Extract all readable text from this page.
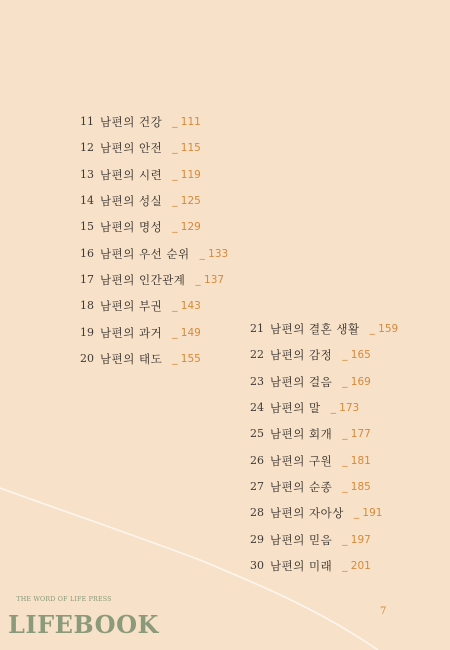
11 남편의 건강 _ 111
12 남편의 안전 _ 115
13 남편의 시련 _ 119
14 남편의 성실 _ 125
15 남편의 명성 _ 129
16 남편의 우선 순위 _ 133
17 남편의 인간관계 _ 137
18 남편의 부권 _ 143
19 남편의 과거 _ 149
20 남편의 태도 _ 155
21 남편의 결혼 생활 _ 159
22 남편의 감정 _ 165
23 남편의 걸음 _ 169
24 남편의 말 _ 173
25 남편의 회개 _ 177
26 남편의 구원 _ 181
27 남편의 순종 _ 185
28 남편의 자아상 _ 191
29 남편의 믿음 _ 197
30 남편의 미래 _ 201
7
THE WORD OF LIFE PRESS
LIFEBOOK
